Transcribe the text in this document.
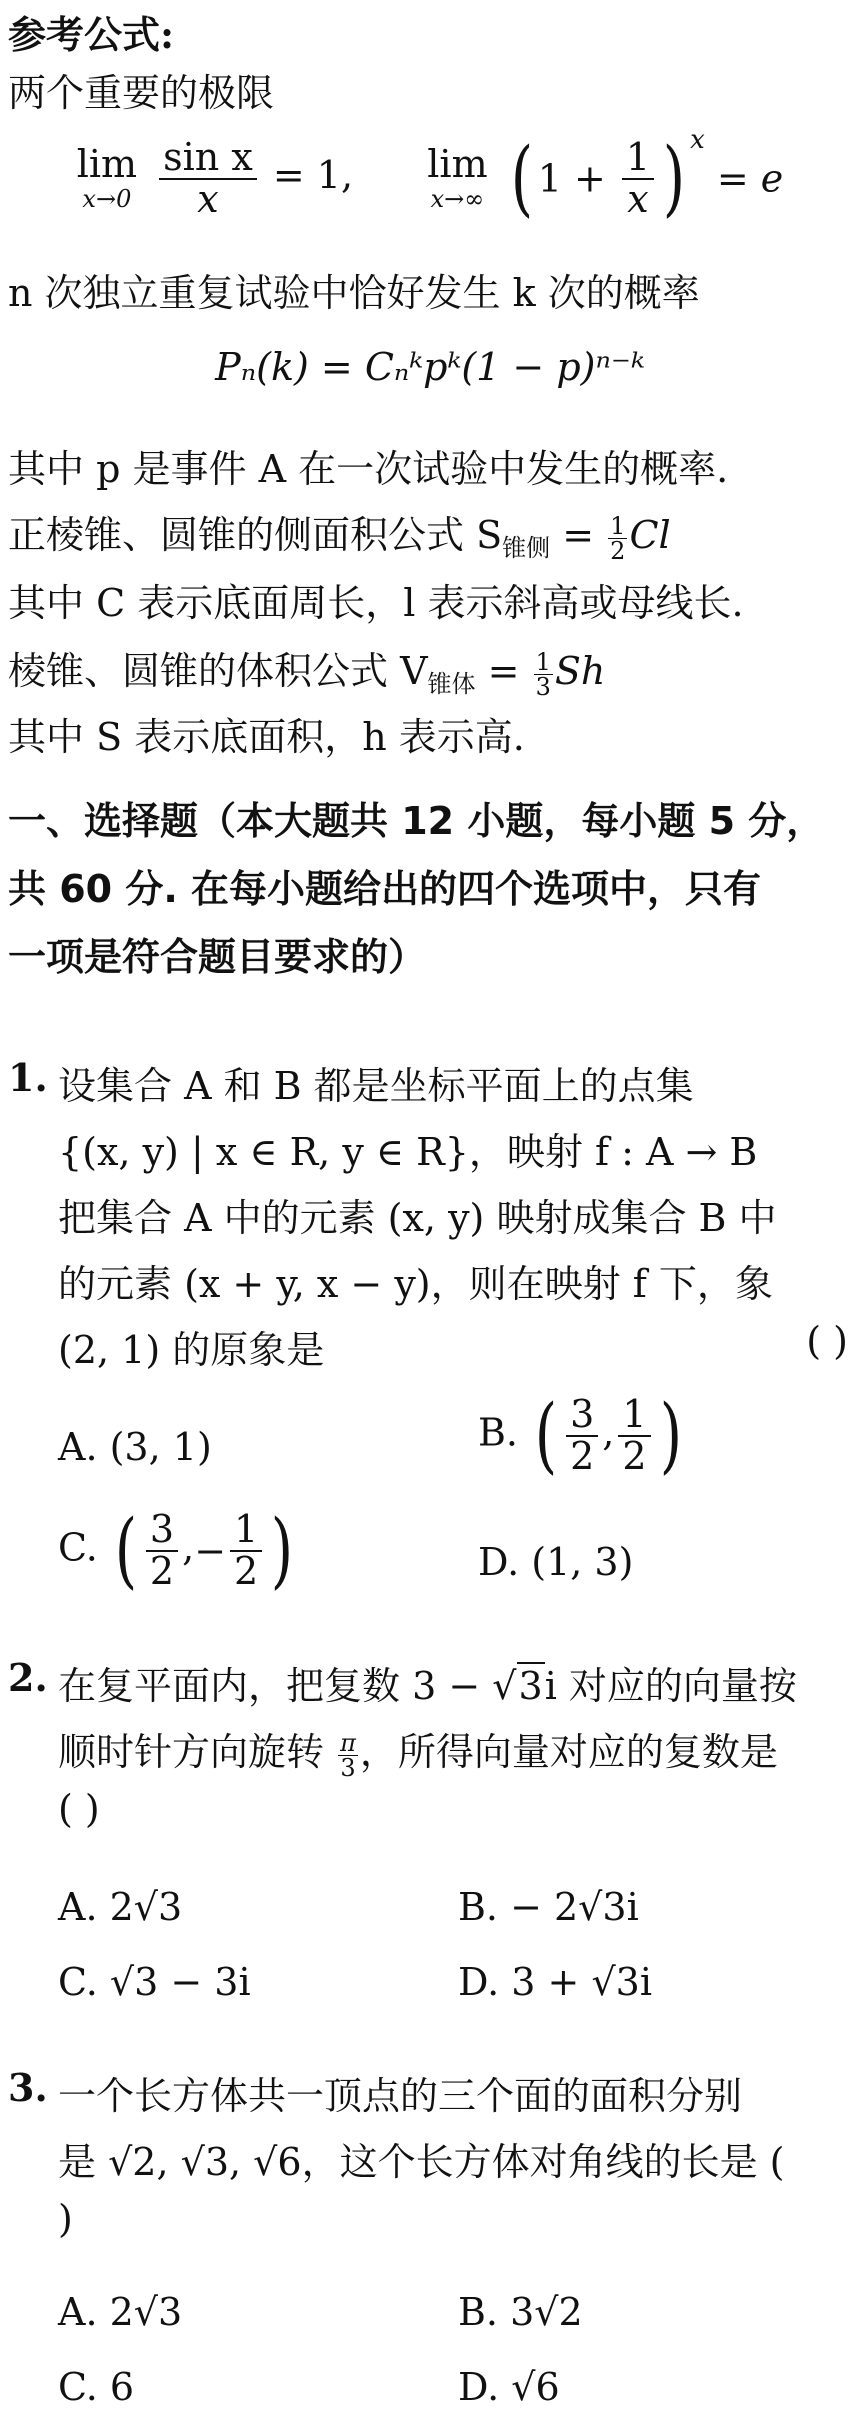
参考公式:
两个重要的极限
lim
x→0
$\frac{\text{sin x}}{x} = 1$, lim
x→∞ ( $1 + \frac{1}{x}$ ) $^x$ = e
n 次独立重复试验中恰好发生 k 次的概率
Pₙ(k) = Cₙᵏpᵏ(1 − p)ⁿ⁻ᵏ
其中 p 是事件 A 在一次试验中发生的概率.
正棱锥、圆锥的侧面积公式 $S_{锥侧} = \frac{1}{2}$ Cl
其中 C 表示底面周长，l 表示斜高或母线长.
棱锥、圆锥的体积公式 $V_{锥体} = \frac{1}{3}$ Sh
其中 S 表示底面积，h 表示高.
一、选择题（本大题共 12 小题，每小题 5 分，
共 60 分. 在每小题给出的四个选项中，只有
一项是符合题目要求的）
1. 设集合 A 和 B 都是坐标平面上的点集
{(x, y) | x ∈ R, y ∈ R}，映射 f : A → B
把集合 A 中的元素 (x, y) 映射成集合 B 中
的元素 (x + y, x − y)，则在映射 f 下，象
(2, 1) 的原象是	( )
A. (3, 1)	B. ( $\frac{3}{2}$ , $\frac{1}{2}$ )
C. ( $\frac{3}{2}$ ,− $\frac{1}{2}$ )	D. (1, 3)
2. 在复平面内，把复数 3 − √3i 对应的向量按
顺时针方向旋转 $\frac{\pi}{3}$ ，所得向量对应的复数是
( )
A. 2√3	B. − 2√3i
C. √3 − 3i	D. 3 + √3i
3. 一个长方体共一顶点的三个面的面积分别
是 √2, √3, √6，这个长方体对角线的长是 (
)
A. 2√3	B. 3√2
C. 6	D. √6
